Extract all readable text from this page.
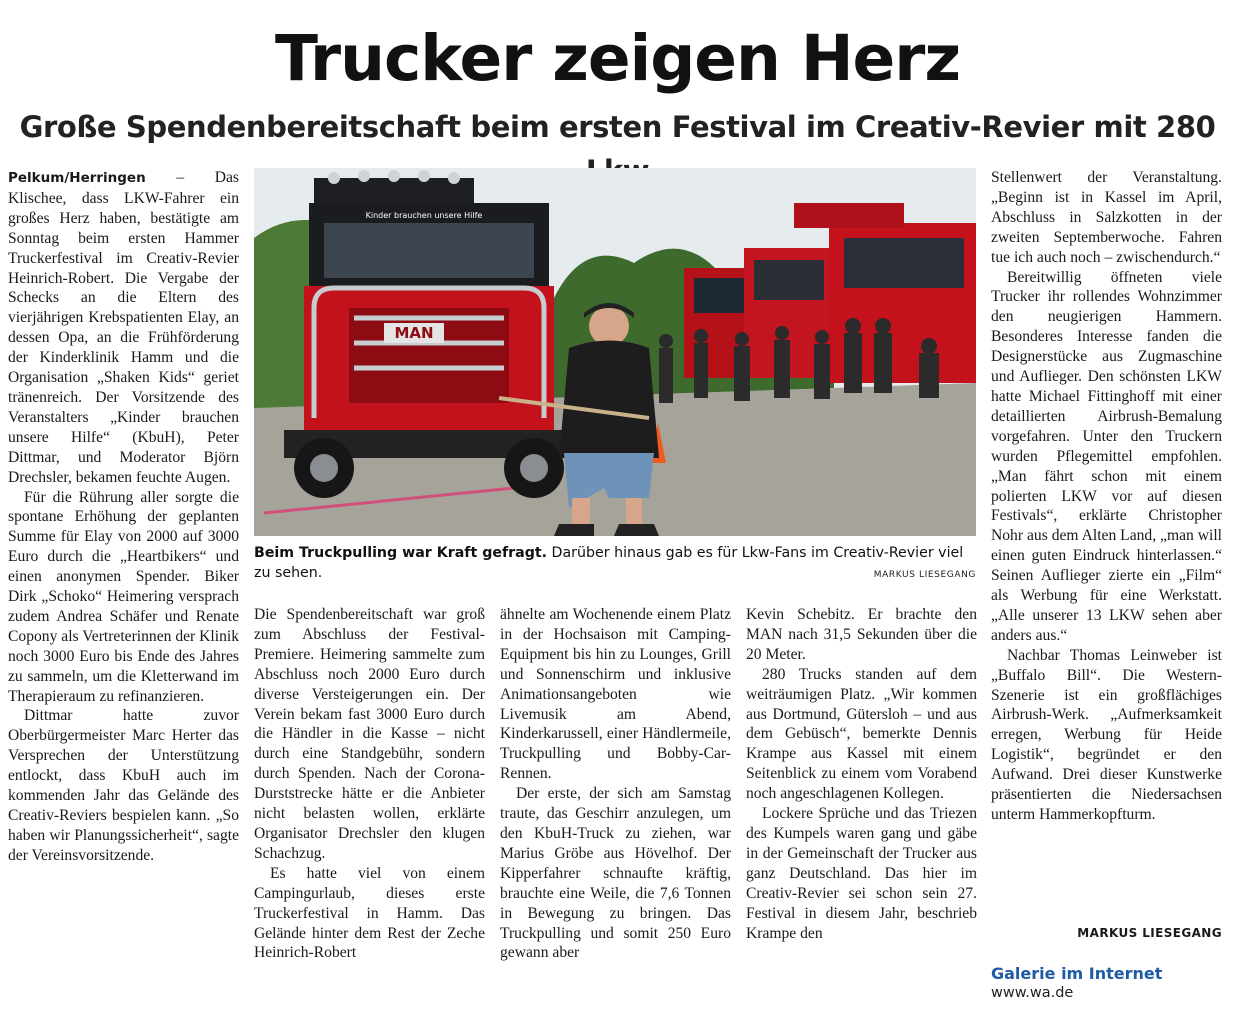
Trucker zeigen Herz
Große Spendenbereitschaft beim ersten Festival im Creativ-Revier mit 280

Pelkum/Herringen – Das Klischee, dass LKW-Fahrer ein großes Herz haben, bestätigte am Sonntag beim ersten Hammer Truckerfestival im Creativ-Revier Heinrich-Robert. Die Vergabe der Schecks an die Eltern des vierjährigen Krebspatienten Elay, an dessen Opa, an die Frühförderung der Kinderklinik Hamm und die Organisation „Shaken Kids“ geriet tränenreich. Der Vorsitzende des Veranstalters „Kinder brauchen unsere Hilfe“ (KbuH), Peter Dittmar, und Moderator Björn Drechsler, bekamen feuchte Augen.

Für die Rührung aller sorgte die spontane Erhöhung der geplanten Summe für Elay von 2000 auf 3000 Euro durch die „Heartbikers“ und einen anonymen Spender. Biker Dirk „Schoko“ Heimering versprach zudem Andrea Schäfer und Renate Copony als Vertreterinnen der Klinik noch 3000 Euro bis Ende des Jahres zu sammeln, um die Kletterwand im Therapieraum zu refinanzieren.

Dittmar hatte zuvor Oberbürgermeister Marc Herter das Versprechen der Unterstützung entlockt, dass KbuH auch im kommenden Jahr das Gelände des Creativ-Reviers bespielen kann. „So haben wir Planungssicherheit“, sagte der Vereinsvorsitzende.

MAN
Kinder brauchen unsere Hilfe
Beim Truckpulling war Kraft gefragt. Darüber hinaus gab es für Lkw-Fans im Creativ-Revier viel zu sehen.	MARKUS LIESEGANG

Die Spendenbereitschaft war groß zum Abschluss der Festival-Premiere. Heimering sammelte zum Abschluss noch 2000 Euro durch diverse Versteigerungen ein. Der Verein bekam fast 3000 Euro durch die Händler in die Kasse – nicht durch eine Standgebühr, sondern durch Spenden. Nach der Corona-Durststrecke hätte er die Anbieter nicht belasten wollen, erklärte Organisator Drechsler den klugen Schachzug.

Es hatte viel von einem Campingurlaub, dieses erste Truckerfestival in Hamm. Das Gelände hinter dem Rest der Zeche Heinrich-Robert

ähnelte am Wochenende einem Platz in der Hochsaison mit Camping-Equipment bis hin zu Lounges, Grill und Sonnenschirm und inklusive Animationsangeboten wie Livemusik am Abend, Kinderkarussell, einer Händlermeile, Truckpulling und Bobby-Car-Rennen.

Der erste, der sich am Samstag traute, das Geschirr anzulegen, um den KbuH-Truck zu ziehen, war Marius Gröbe aus Hövelhof. Der Kipperfahrer schnaufte kräftig, brauchte eine Weile, die 7,6 Tonnen in Bewegung zu bringen. Das Truckpulling und somit 250 Euro gewann aber

Kevin Schebitz. Er brachte den MAN nach 31,5 Sekunden über die 20 Meter.

280 Trucks standen auf dem weiträumigen Platz. „Wir kommen aus Dortmund, Gütersloh – und aus dem Gebüsch“, bemerkte Dennis Krampe aus Kassel mit einem Seitenblick zu einem vom Vorabend noch angeschlagenen Kollegen.

Lockere Sprüche und das Triezen des Kumpels waren gang und gäbe in der Gemeinschaft der Trucker aus ganz Deutschland. Das hier im Creativ-Revier sei schon sein 27. Festival in diesem Jahr, beschrieb Krampe den

Stellenwert der Veranstaltung. „Beginn ist in Kassel im April, Abschluss in Salzkotten in der zweiten Septemberwoche. Fahren tue ich auch noch – zwischendurch.“

Bereitwillig öffneten viele Trucker ihr rollendes Wohnzimmer den neugierigen Hammern. Besonderes Interesse fanden die Designerstücke aus Zugmaschine und Auflieger. Den schönsten LKW hatte Michael Fittinghoff mit einer detaillierten Airbrush-Bemalung vorgefahren. Unter den Truckern wurden Pflegemittel empfohlen. „Man fährt schon mit einem polierten LKW vor auf diesen Festivals“, erklärte Christopher Nohr aus dem Alten Land, „man will einen guten Eindruck hinterlassen.“ Seinen Auflieger zierte ein „Film“ als Werbung für eine Werkstatt. „Alle unserer 13 LKW sehen aber anders aus.“

Nachbar Thomas Leinweber ist „Buffalo Bill“. Die Western-Szenerie ist ein großflächiges Airbrush-Werk. „Aufmerksamkeit erregen, Werbung für Heide Logistik“, begründet er den Aufwand. Drei dieser Kunstwerke präsentierten die Niedersachsen unterm Hammerkopfturm.

MARKUS LIESEGANG
Galerie im Internet
www.wa.de
